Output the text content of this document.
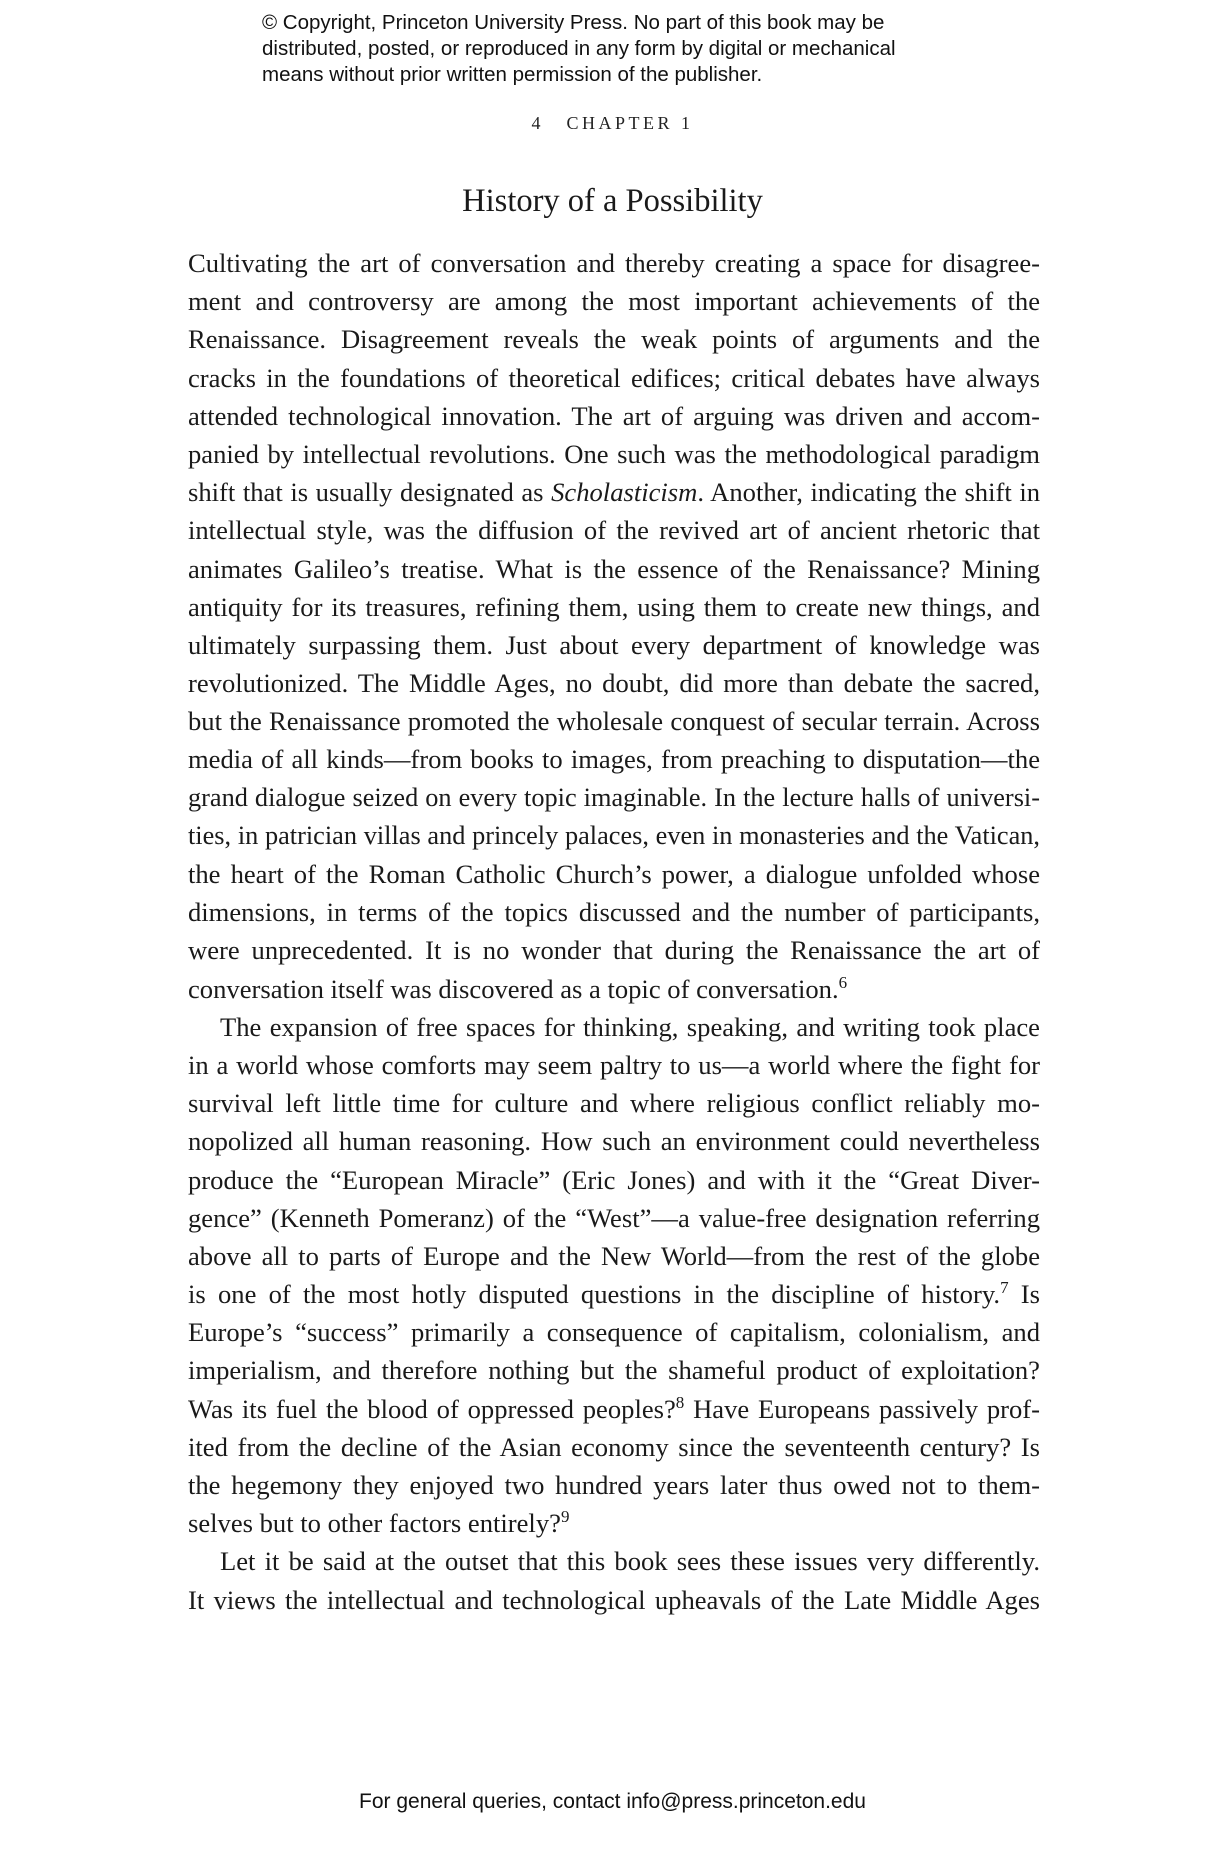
© Copyright, Princeton University Press. No part of this book may be
distributed, posted, or reproduced in any form by digital or mechanical
means without prior written permission of the publisher.
4 CHAPTER 1
History of a Possibility
Cultivating the art of conversation and thereby creating a space for disagree-
ment and controversy are among the most important achievements of the
Renaissance. Disagreement reveals the weak points of arguments and the
cracks in the foundations of theoretical edifices; critical debates have always
attended technological innovation. The art of arguing was driven and accom-
panied by intellectual revolutions. One such was the methodological paradigm
shift that is usually designated as Scholasticism. Another, indicating the shift in
intellectual style, was the diffusion of the revived art of ancient rhetoric that
animates Galileo’s treatise. What is the essence of the Renaissance? Mining
antiquity for its treasures, refining them, using them to create new things, and
ultimately surpassing them. Just about every department of knowledge was
revolutionized. The Middle Ages, no doubt, did more than debate the sacred,
but the Renaissance promoted the wholesale conquest of secular terrain. Across
media of all kinds—from books to images, from preaching to disputation—the
grand dialogue seized on every topic imaginable. In the lecture halls of universi-
ties, in patrician villas and princely palaces, even in monasteries and the Vatican,
the heart of the Roman Catholic Church’s power, a dialogue unfolded whose
dimensions, in terms of the topics discussed and the number of participants,
were unprecedented. It is no wonder that during the Renaissance the art of
conversation itself was discovered as a topic of conversation.$^6$
The expansion of free spaces for thinking, speaking, and writing took place
in a world whose comforts may seem paltry to us—a world where the fight for
survival left little time for culture and where religious conflict reliably mo-
nopolized all human reasoning. How such an environment could nevertheless
produce the “European Miracle” (Eric Jones) and with it the “Great Diver-
gence” (Kenneth Pomeranz) of the “West”—a value-free designation referring
above all to parts of Europe and the New World—from the rest of the globe
is one of the most hotly disputed questions in the discipline of history.$^7$ Is
Europe’s “success” primarily a consequence of capitalism, colonialism, and
imperialism, and therefore nothing but the shameful product of exploitation?
Was its fuel the blood of oppressed peoples?$^8$ Have Europeans passively prof-
ited from the decline of the Asian economy since the seventeenth century? Is
the hegemony they enjoyed two hundred years later thus owed not to them-
selves but to other factors entirely?$^9$
Let it be said at the outset that this book sees these issues very differently.
It views the intellectual and technological upheavals of the Late Middle Ages
For general queries, contact info@press.princeton.edu
